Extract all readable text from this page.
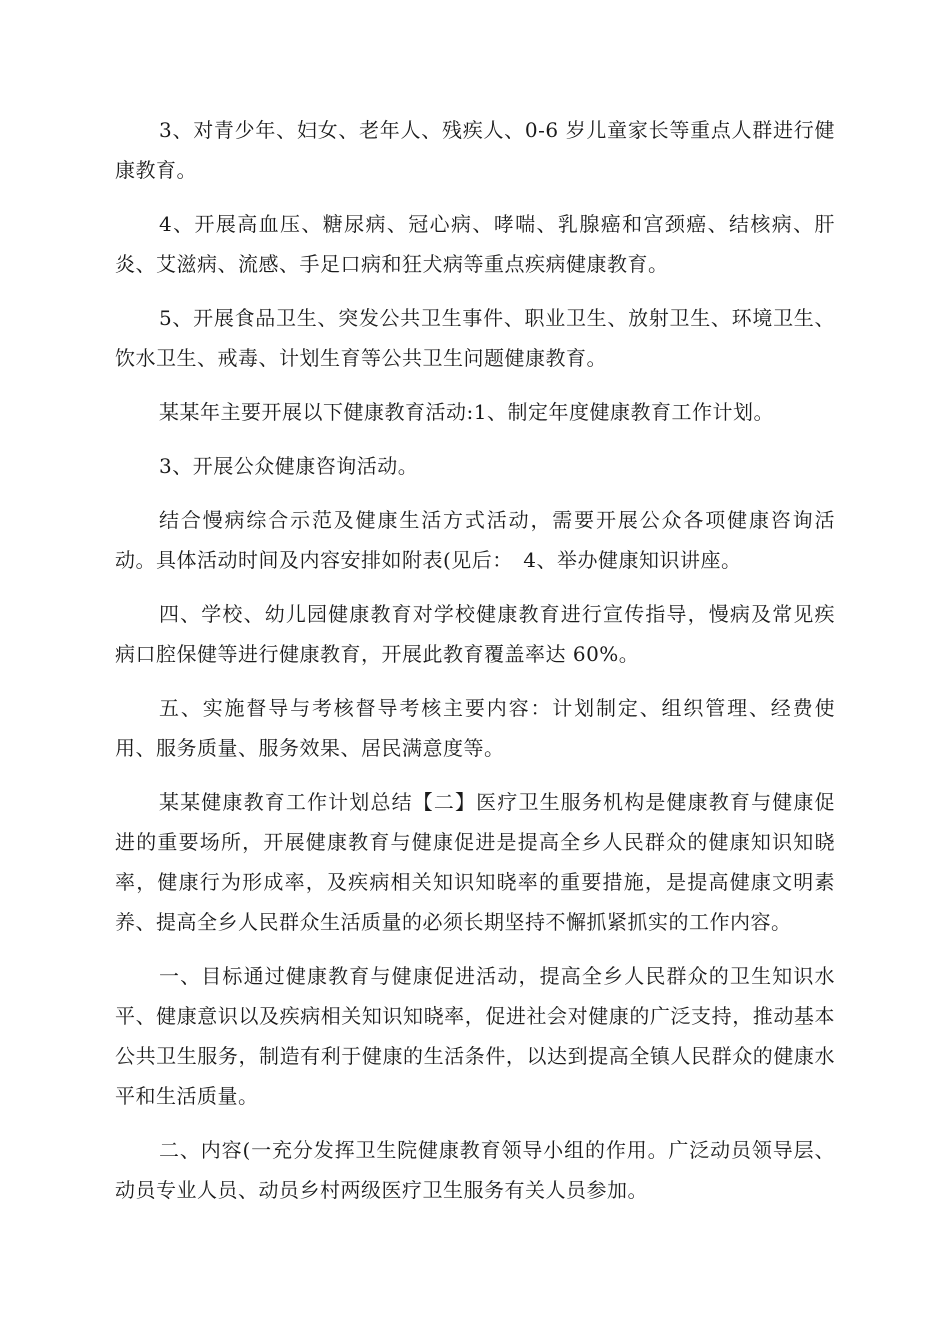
3、对青少年、妇女、老年人、残疾人、0-6 岁儿童家长等重点人群进行健康教育。

4、开展高血压、糖尿病、冠心病、哮喘、乳腺癌和宫颈癌、结核病、肝炎、艾滋病、流感、手足口病和狂犬病等重点疾病健康教育。

5、开展食品卫生、突发公共卫生事件、职业卫生、放射卫生、环境卫生、饮水卫生、戒毒、计划生育等公共卫生问题健康教育。

某某年主要开展以下健康教育活动:1、制定年度健康教育工作计划。

3、开展公众健康咨询活动。

结合慢病综合示范及健康生活方式活动，需要开展公众各项健康咨询活动。具体活动时间及内容安排如附表(见后：　4、举办健康知识讲座。

四、学校、幼儿园健康教育对学校健康教育进行宣传指导，慢病及常见疾病口腔保健等进行健康教育，开展此教育覆盖率达 60%。

五、实施督导与考核督导考核主要内容：计划制定、组织管理、经费使用、服务质量、服务效果、居民满意度等。

某某健康教育工作计划总结【二】医疗卫生服务机构是健康教育与健康促进的重要场所，开展健康教育与健康促进是提高全乡人民群众的健康知识知晓率，健康行为形成率，及疾病相关知识知晓率的重要措施，是提高健康文明素养、提高全乡人民群众生活质量的必须长期坚持不懈抓紧抓实的工作内容。

一、目标通过健康教育与健康促进活动，提高全乡人民群众的卫生知识水平、健康意识以及疾病相关知识知晓率，促进社会对健康的广泛支持，推动基本公共卫生服务，制造有利于健康的生活条件，以达到提高全镇人民群众的健康水平和生活质量。

二、内容(一充分发挥卫生院健康教育领导小组的作用。广泛动员领导层、动员专业人员、动员乡村两级医疗卫生服务有关人员参加。
